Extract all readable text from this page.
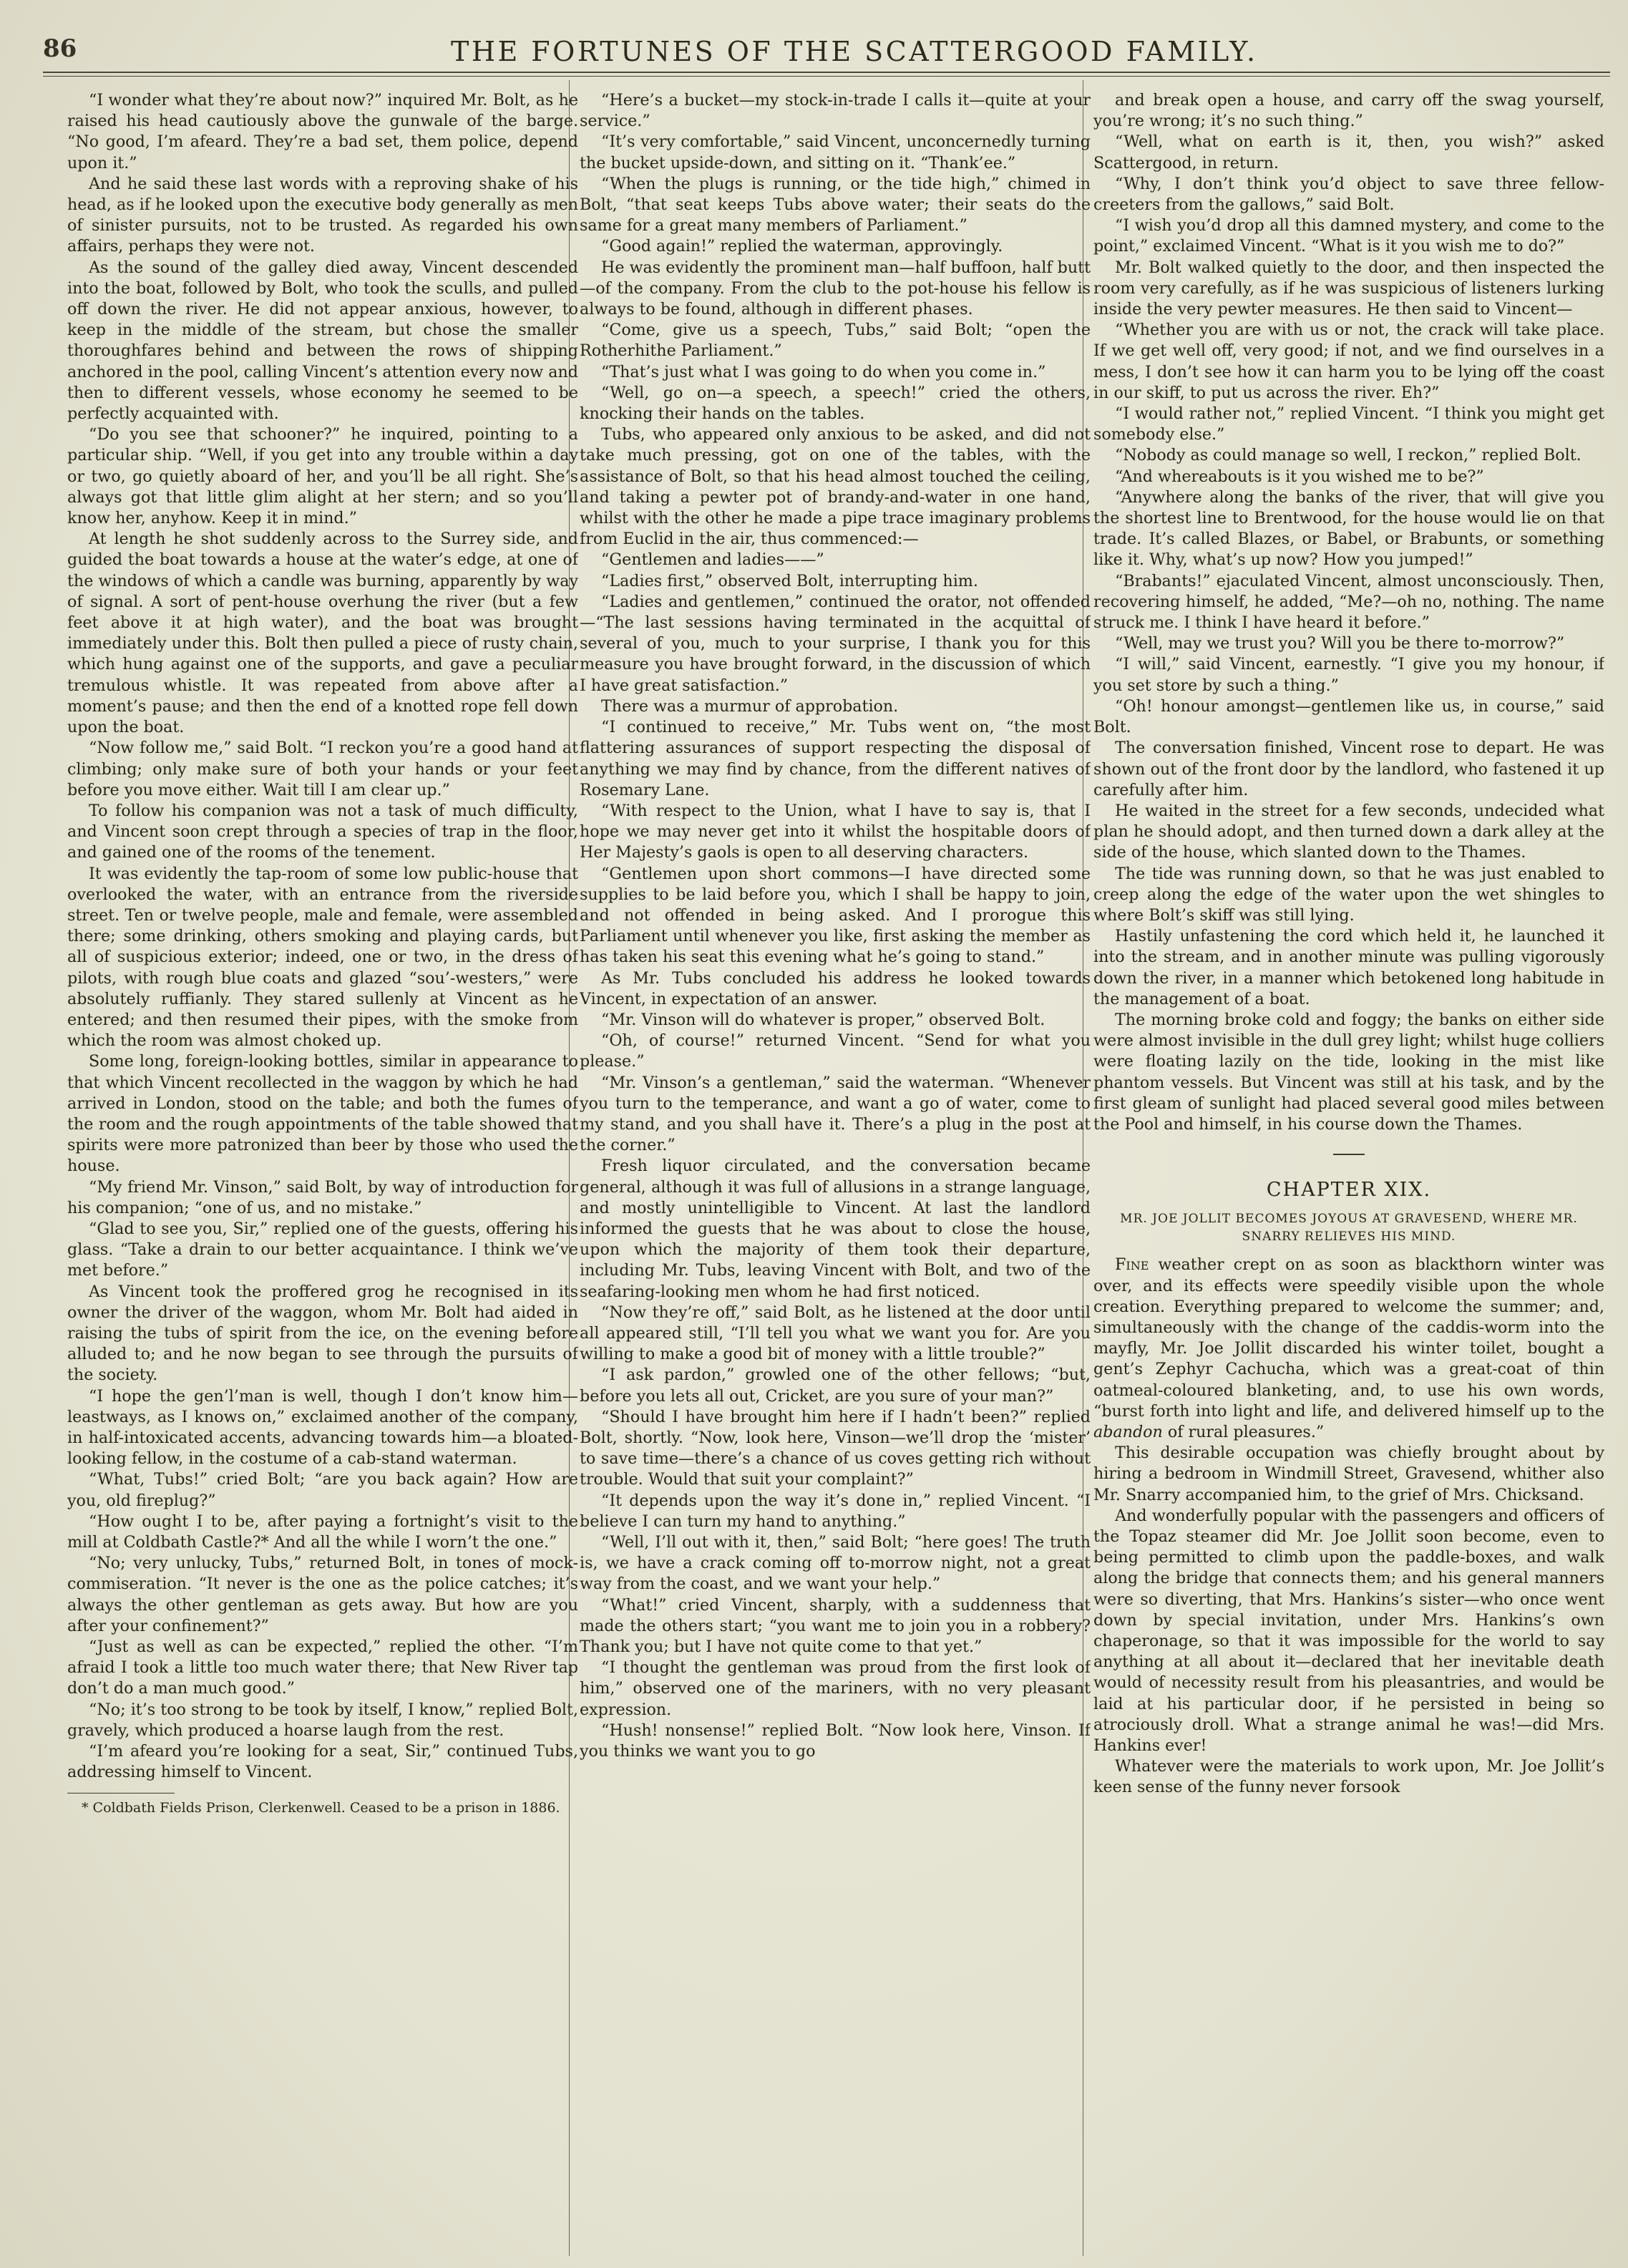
86	THE FORTUNES OF THE SCATTERGOOD FAMILY.

“I wonder what they’re about now?” inquired Mr. Bolt, as he raised his head cautiously above the gunwale of the barge. “No good, I’m afeard. They’re a bad set, them police, depend upon it.”

And he said these last words with a reproving shake of his head, as if he looked upon the executive body generally as men of sinister pursuits, not to be trusted. As regarded his own affairs, perhaps they were not.

As the sound of the galley died away, Vincent descended into the boat, followed by Bolt, who took the sculls, and pulled off down the river. He did not appear anxious, however, to keep in the middle of the stream, but chose the smaller thoroughfares behind and between the rows of shipping anchored in the pool, calling Vincent’s attention every now and then to different vessels, whose economy he seemed to be perfectly acquainted with.

“Do you see that schooner?” he inquired, pointing to a particular ship. “Well, if you get into any trouble within a day or two, go quietly aboard of her, and you’ll be all right. She’s always got that little glim alight at her stern; and so you’ll know her, anyhow. Keep it in mind.”

At length he shot suddenly across to the Surrey side, and guided the boat towards a house at the water’s edge, at one of the windows of which a candle was burning, apparently by way of signal. A sort of pent-house overhung the river (but a few feet above it at high water), and the boat was brought immediately under this. Bolt then pulled a piece of rusty chain, which hung against one of the supports, and gave a peculiar tremulous whistle. It was repeated from above after a moment’s pause; and then the end of a knotted rope fell down upon the boat.

“Now follow me,” said Bolt. “I reckon you’re a good hand at climbing; only make sure of both your hands or your feet before you move either. Wait till I am clear up.”

To follow his companion was not a task of much difficulty, and Vincent soon crept through a species of trap in the floor, and gained one of the rooms of the tenement.

It was evidently the tap-room of some low public-house that overlooked the water, with an entrance from the riverside street. Ten or twelve people, male and female, were assembled there; some drinking, others smoking and playing cards, but all of suspicious exterior; indeed, one or two, in the dress of pilots, with rough blue coats and glazed “sou’-westers,” were absolutely ruffianly. They stared sullenly at Vincent as he entered; and then resumed their pipes, with the smoke from which the room was almost choked up.

Some long, foreign-looking bottles, similar in appearance to that which Vincent recollected in the waggon by which he had arrived in London, stood on the table; and both the fumes of the room and the rough appointments of the table showed that spirits were more patronized than beer by those who used the house.

“My friend Mr. Vinson,” said Bolt, by way of introduction for his companion; “one of us, and no mistake.”

“Glad to see you, Sir,” replied one of the guests, offering his glass. “Take a drain to our better acquaintance. I think we’ve met before.”

As Vincent took the proffered grog he recognised in its owner the driver of the waggon, whom Mr. Bolt had aided in raising the tubs of spirit from the ice, on the evening before alluded to; and he now began to see through the pursuits of the society.

“I hope the gen’l’man is well, though I don’t know him—leastways, as I knows on,” exclaimed another of the company, in half-intoxicated accents, advancing towards him—a bloated-looking fellow, in the costume of a cab-stand waterman.

“What, Tubs!” cried Bolt; “are you back again? How are you, old fireplug?”

“How ought I to be, after paying a fortnight’s visit to the mill at Coldbath Castle?* And all the while I worn’t the one.”

“No; very unlucky, Tubs,” returned Bolt, in tones of mock-commiseration. “It never is the one as the police catches; it’s always the other gentleman as gets away. But how are you after your confinement?”

“Just as well as can be expected,” replied the other. “I’m afraid I took a little too much water there; that New River tap don’t do a man much good.”

“No; it’s too strong to be took by itself, I know,” replied Bolt, gravely, which produced a hoarse laugh from the rest.

“I’m afeard you’re looking for a seat, Sir,” continued Tubs, addressing himself to Vincent.

* Coldbath Fields Prison, Clerkenwell. Ceased to be a prison in 1886.

“Here’s a bucket—my stock-in-trade I calls it—quite at your service.”

“It’s very comfortable,” said Vincent, unconcernedly turning the bucket upside-down, and sitting on it. “Thank’ee.”

“When the plugs is running, or the tide high,” chimed in Bolt, “that seat keeps Tubs above water; their seats do the same for a great many members of Parliament.”

“Good again!” replied the waterman, approvingly.

He was evidently the prominent man—half buffoon, half butt—of the company. From the club to the pot-house his fellow is always to be found, although in different phases.

“Come, give us a speech, Tubs,” said Bolt; “open the Rotherhithe Parliament.”

“That’s just what I was going to do when you come in.”

“Well, go on—a speech, a speech!” cried the others, knocking their hands on the tables.

Tubs, who appeared only anxious to be asked, and did not take much pressing, got on one of the tables, with the assistance of Bolt, so that his head almost touched the ceiling, and taking a pewter pot of brandy-and-water in one hand, whilst with the other he made a pipe trace imaginary problems from Euclid in the air, thus commenced:—

“Gentlemen and ladies——”

“Ladies first,” observed Bolt, interrupting him.

“Ladies and gentlemen,” continued the orator, not offended—“The last sessions having terminated in the acquittal of several of you, much to your surprise, I thank you for this measure you have brought forward, in the discussion of which I have great satisfaction.”

There was a murmur of approbation.

“I continued to receive,” Mr. Tubs went on, “the most flattering assurances of support respecting the disposal of anything we may find by chance, from the different natives of Rosemary Lane.

“With respect to the Union, what I have to say is, that I hope we may never get into it whilst the hospitable doors of Her Majesty’s gaols is open to all deserving characters.

“Gentlemen upon short commons—I have directed some supplies to be laid before you, which I shall be happy to join, and not offended in being asked. And I prorogue this Parliament until whenever you like, first asking the member as has taken his seat this evening what he’s going to stand.”

As Mr. Tubs concluded his address he looked towards Vincent, in expectation of an answer.

“Mr. Vinson will do whatever is proper,” observed Bolt.

“Oh, of course!” returned Vincent. “Send for what you please.”

“Mr. Vinson’s a gentleman,” said the waterman. “Whenever you turn to the temperance, and want a go of water, come to my stand, and you shall have it. There’s a plug in the post at the corner.”

Fresh liquor circulated, and the conversation became general, although it was full of allusions in a strange language, and mostly unintelligible to Vincent. At last the landlord informed the guests that he was about to close the house, upon which the majority of them took their departure, including Mr. Tubs, leaving Vincent with Bolt, and two of the seafaring-looking men whom he had first noticed.

“Now they’re off,” said Bolt, as he listened at the door until all appeared still, “I’ll tell you what we want you for. Are you willing to make a good bit of money with a little trouble?”

“I ask pardon,” growled one of the other fellows; “but, before you lets all out, Cricket, are you sure of your man?”

“Should I have brought him here if I hadn’t been?” replied Bolt, shortly. “Now, look here, Vinson—we’ll drop the ‘mister’ to save time—there’s a chance of us coves getting rich without trouble. Would that suit your complaint?”

“It depends upon the way it’s done in,” replied Vincent. “I believe I can turn my hand to anything.”

“Well, I’ll out with it, then,” said Bolt; “here goes! The truth is, we have a crack coming off to-morrow night, not a great way from the coast, and we want your help.”

“What!” cried Vincent, sharply, with a suddenness that made the others start; “you want me to join you in a robbery? Thank you; but I have not quite come to that yet.”

“I thought the gentleman was proud from the first look of him,” observed one of the mariners, with no very pleasant expression.

“Hush! nonsense!” replied Bolt. “Now look here, Vinson. If you thinks we want you to go

and break open a house, and carry off the swag yourself, you’re wrong; it’s no such thing.”

“Well, what on earth is it, then, you wish?” asked Scattergood, in return.

“Why, I don’t think you’d object to save three fellow-creeters from the gallows,” said Bolt.

“I wish you’d drop all this damned mystery, and come to the point,” exclaimed Vincent. “What is it you wish me to do?”

Mr. Bolt walked quietly to the door, and then inspected the room very carefully, as if he was suspicious of listeners lurking inside the very pewter measures. He then said to Vincent—

“Whether you are with us or not, the crack will take place. If we get well off, very good; if not, and we find ourselves in a mess, I don’t see how it can harm you to be lying off the coast in our skiff, to put us across the river. Eh?”

“I would rather not,” replied Vincent. “I think you might get somebody else.”

“Nobody as could manage so well, I reckon,” replied Bolt.

“And whereabouts is it you wished me to be?”

“Anywhere along the banks of the river, that will give you the shortest line to Brentwood, for the house would lie on that trade. It’s called Blazes, or Babel, or Brabunts, or something like it. Why, what’s up now? How you jumped!”

“Brabants!” ejaculated Vincent, almost unconsciously. Then, recovering himself, he added, “Me?—oh no, nothing. The name struck me. I think I have heard it before.”

“Well, may we trust you? Will you be there to-morrow?”

“I will,” said Vincent, earnestly. “I give you my honour, if you set store by such a thing.”

“Oh! honour amongst—gentlemen like us, in course,” said Bolt.

The conversation finished, Vincent rose to depart. He was shown out of the front door by the landlord, who fastened it up carefully after him.

He waited in the street for a few seconds, undecided what plan he should adopt, and then turned down a dark alley at the side of the house, which slanted down to the Thames.

The tide was running down, so that he was just enabled to creep along the edge of the water upon the wet shingles to where Bolt’s skiff was still lying.

Hastily unfastening the cord which held it, he launched it into the stream, and in another minute was pulling vigorously down the river, in a manner which betokened long habitude in the management of a boat.

The morning broke cold and foggy; the banks on either side were almost invisible in the dull grey light; whilst huge colliers were floating lazily on the tide, looking in the mist like phantom vessels. But Vincent was still at his task, and by the first gleam of sunlight had placed several good miles between the Pool and himself, in his course down the Thames.

CHAPTER XIX.

MR. JOE JOLLIT BECOMES JOYOUS AT GRAVESEND, WHERE MR. SNARRY RELIEVES HIS MIND.

Fine weather crept on as soon as blackthorn winter was over, and its effects were speedily visible upon the whole creation. Everything prepared to welcome the summer; and, simultaneously with the change of the caddis-worm into the mayfly, Mr. Joe Jollit discarded his winter toilet, bought a gent’s Zephyr Cachucha, which was a great-coat of thin oatmeal-coloured blanketing, and, to use his own words, “burst forth into light and life, and delivered himself up to the abandon of rural pleasures.”

This desirable occupation was chiefly brought about by hiring a bedroom in Windmill Street, Gravesend, whither also Mr. Snarry accompanied him, to the grief of Mrs. Chicksand.

And wonderfully popular with the passengers and officers of the Topaz steamer did Mr. Joe Jollit soon become, even to being permitted to climb upon the paddle-boxes, and walk along the bridge that connects them; and his general manners were so diverting, that Mrs. Hankins’s sister—who once went down by special invitation, under Mrs. Hankins’s own chaperonage, so that it was impossible for the world to say anything at all about it—declared that her inevitable death would of necessity result from his pleasantries, and would be laid at his particular door, if he persisted in being so atrociously droll. What a strange animal he was!—did Mrs. Hankins ever!

Whatever were the materials to work upon, Mr. Joe Jollit’s keen sense of the funny never forsook
